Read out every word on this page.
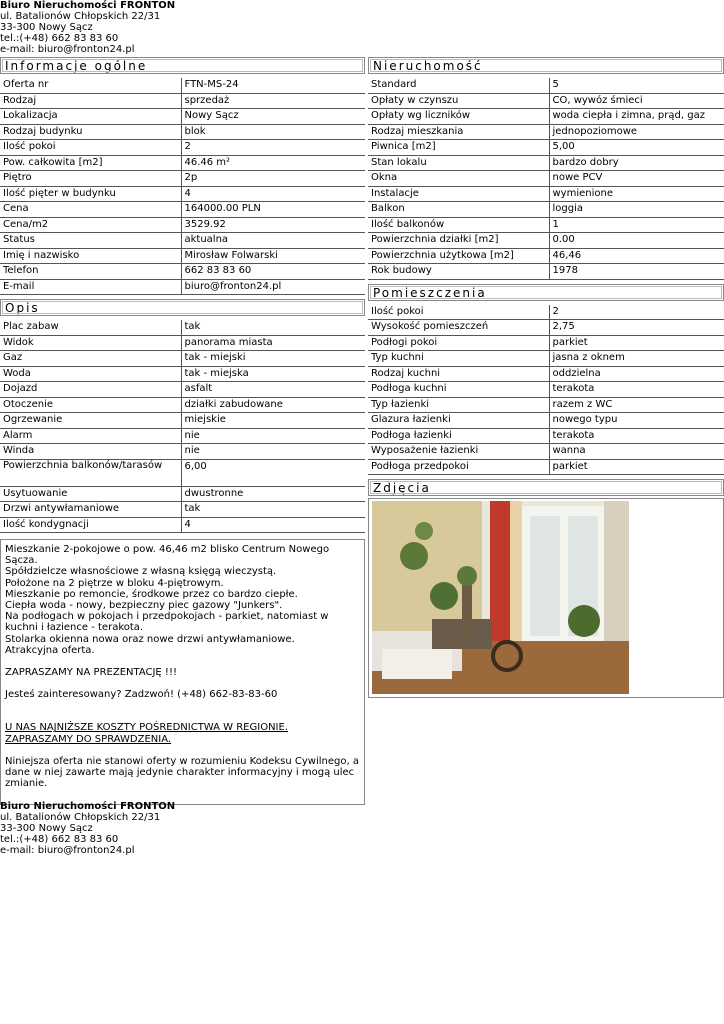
Biuro Nieruchomości FRONTON
ul. Batalionów Chłopskich 22/31
33-300 Nowy Sącz
tel.:(+48) 662 83 83 60
e-mail: biuro@fronton24.pl
Informacje ogólne
Oferta nr	FTN-MS-24
Rodzaj	sprzedaż
Lokalizacja	Nowy Sącz
Rodzaj budynku	blok
Ilość pokoi	2
Pow. całkowita [m2]	46.46 m²
Piętro	2p
Ilość pięter w budynku	4
Cena	164000.00 PLN
Cena/m2	3529.92
Status	aktualna
Imię i nazwisko	Mirosław Folwarski
Telefon	662 83 83 60
E-mail	biuro@fronton24.pl
Opis
Plac zabaw	tak
Widok	panorama miasta
Gaz	tak - miejski
Woda	tak - miejska
Dojazd	asfalt
Otoczenie	działki zabudowane
Ogrzewanie	miejskie
Alarm	nie
Winda	nie
Powierzchnia balkonów/tarasów	6,00
Usytuowanie	dwustronne
Drzwi antywłamaniowe	tak
Ilość kondygnacji	4

Mieszkanie 2-pokojowe o pow. 46,46 m2 blisko Centrum Nowego Sącza.
Spółdzielcze własnościowe z własną księgą wieczystą.
Położone na 2 piętrze w bloku 4-piętrowym.
Mieszkanie po remoncie, środkowe przez co bardzo ciepłe.
Ciepła woda - nowy, bezpieczny piec gazowy "Junkers".
Na podłogach w pokojach i przedpokojach - parkiet, natomiast w kuchni i łazience - terakota.
Stolarka okienna nowa oraz nowe drzwi antywłamaniowe.
Atrakcyjna oferta.

ZAPRASZAMY NA PREZENTACJĘ !!!

Jesteś zainteresowany? Zadzwoń! (+48) 662-83-83-60

U NAS NAJNIŻSZE KOSZTY POŚREDNICTWA W REGIONIE.
ZAPRASZAMY DO SPRAWDZENIA.

Niniejsza oferta nie stanowi oferty w rozumieniu Kodeksu Cywilnego, a dane w niej zawarte mają jedynie charakter informacyjny i mogą ulec zmianie.

Biuro Nieruchomości FRONTON
ul. Batalionów Chłopskich 22/31
33-300 Nowy Sącz
tel.:(+48) 662 83 83 60
e-mail: biuro@fronton24.pl
Nieruchomość
Standard	5
Opłaty w czynszu	CO, wywóz śmieci
Opłaty wg liczników	woda ciepła i zimna, prąd, gaz
Rodzaj mieszkania	jednopoziomowe
Piwnica [m2]	5,00
Stan lokalu	bardzo dobry
Okna	nowe PCV
Instalacje	wymienione
Balkon	loggia
Ilość balkonów	1
Powierzchnia działki [m2]	0.00
Powierzchnia użytkowa [m2]	46,46
Rok budowy	1978
Pomieszczenia
Ilość pokoi	2
Wysokość pomieszczeń	2,75
Podłogi pokoi	parkiet
Typ kuchni	jasna z oknem
Rodzaj kuchni	oddzielna
Podłoga kuchni	terakota
Typ łazienki	razem z WC
Glazura łazienki	nowego typu
Podłoga łazienki	terakota
Wyposażenie łazienki	wanna
Podłoga przedpokoi	parkiet
Zdjęcia
